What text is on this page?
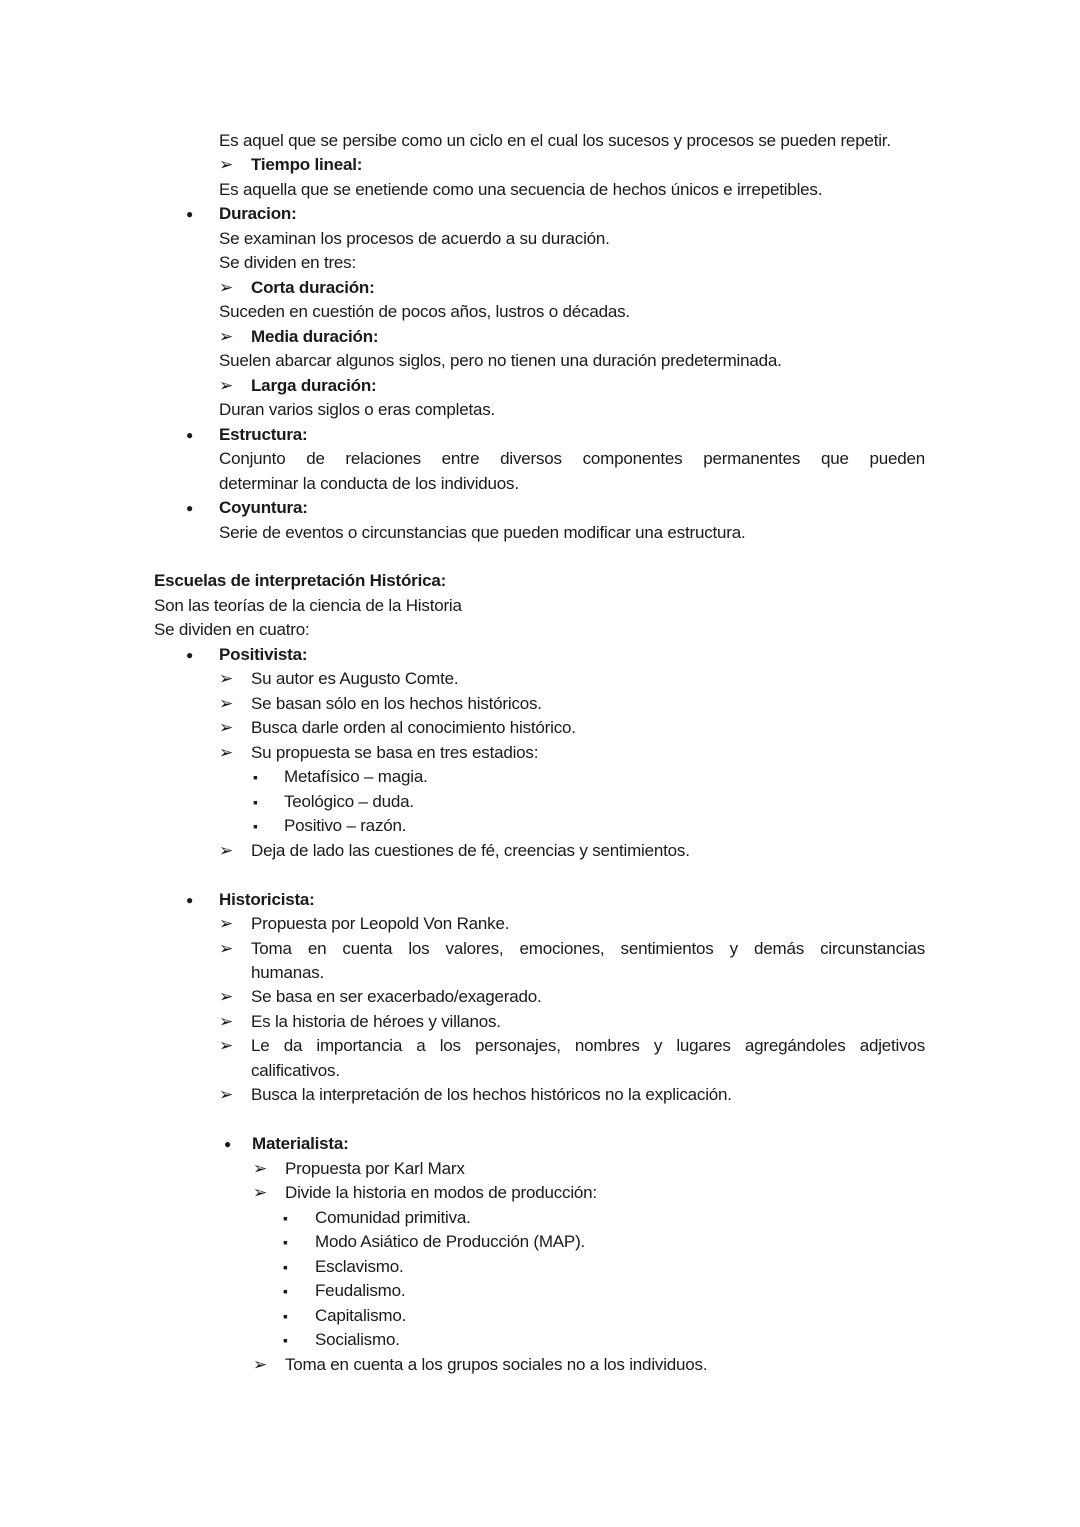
Es aquel que se persibe como un ciclo en el cual los sucesos y procesos se pueden repetir.
➢ Tiempo lineal:
Es aquella que se enetiende como una secuencia de hechos únicos e irrepetibles.
● Duracion:
Se examinan los procesos de acuerdo a su duración.
Se dividen en tres:
➢ Corta duración:
Suceden en cuestión de pocos años, lustros o décadas.
➢ Media duración:
Suelen abarcar algunos siglos, pero no tienen una duración predeterminada.
➢ Larga duración:
Duran varios siglos o eras completas.
● Estructura:
Conjunto de relaciones entre diversos componentes permanentes que pueden
determinar la conducta de los individuos.
● Coyuntura:
Serie de eventos o circunstancias que pueden modificar una estructura.
Escuelas de interpretación Histórica:
Son las teorías de la ciencia de la Historia
Se dividen en cuatro:
● Positivista:
➢ Su autor es Augusto Comte.
➢ Se basan sólo en los hechos históricos.
➢ Busca darle orden al conocimiento histórico.
➢ Su propuesta se basa en tres estadios:
▪ Metafísico – magia.
▪ Teológico – duda.
▪ Positivo – razón.
➢ Deja de lado las cuestiones de fé, creencias y sentimientos.
● Historicista:
➢ Propuesta por Leopold Von Ranke.
➢ Toma en cuenta los valores, emociones, sentimientos y demás circunstancias
humanas.
➢ Se basa en ser exacerbado/exagerado.
➢ Es la historia de héroes y villanos.
➢ Le da importancia a los personajes, nombres y lugares agregándoles adjetivos
calificativos.
➢ Busca la interpretación de los hechos históricos no la explicación.
● Materialista:
➢ Propuesta por Karl Marx
➢ Divide la historia en modos de producción:
▪ Comunidad primitiva.
▪ Modo Asiático de Producción (MAP).
▪ Esclavismo.
▪ Feudalismo.
▪ Capitalismo.
▪ Socialismo.
➢ Toma en cuenta a los grupos sociales no a los individuos.
